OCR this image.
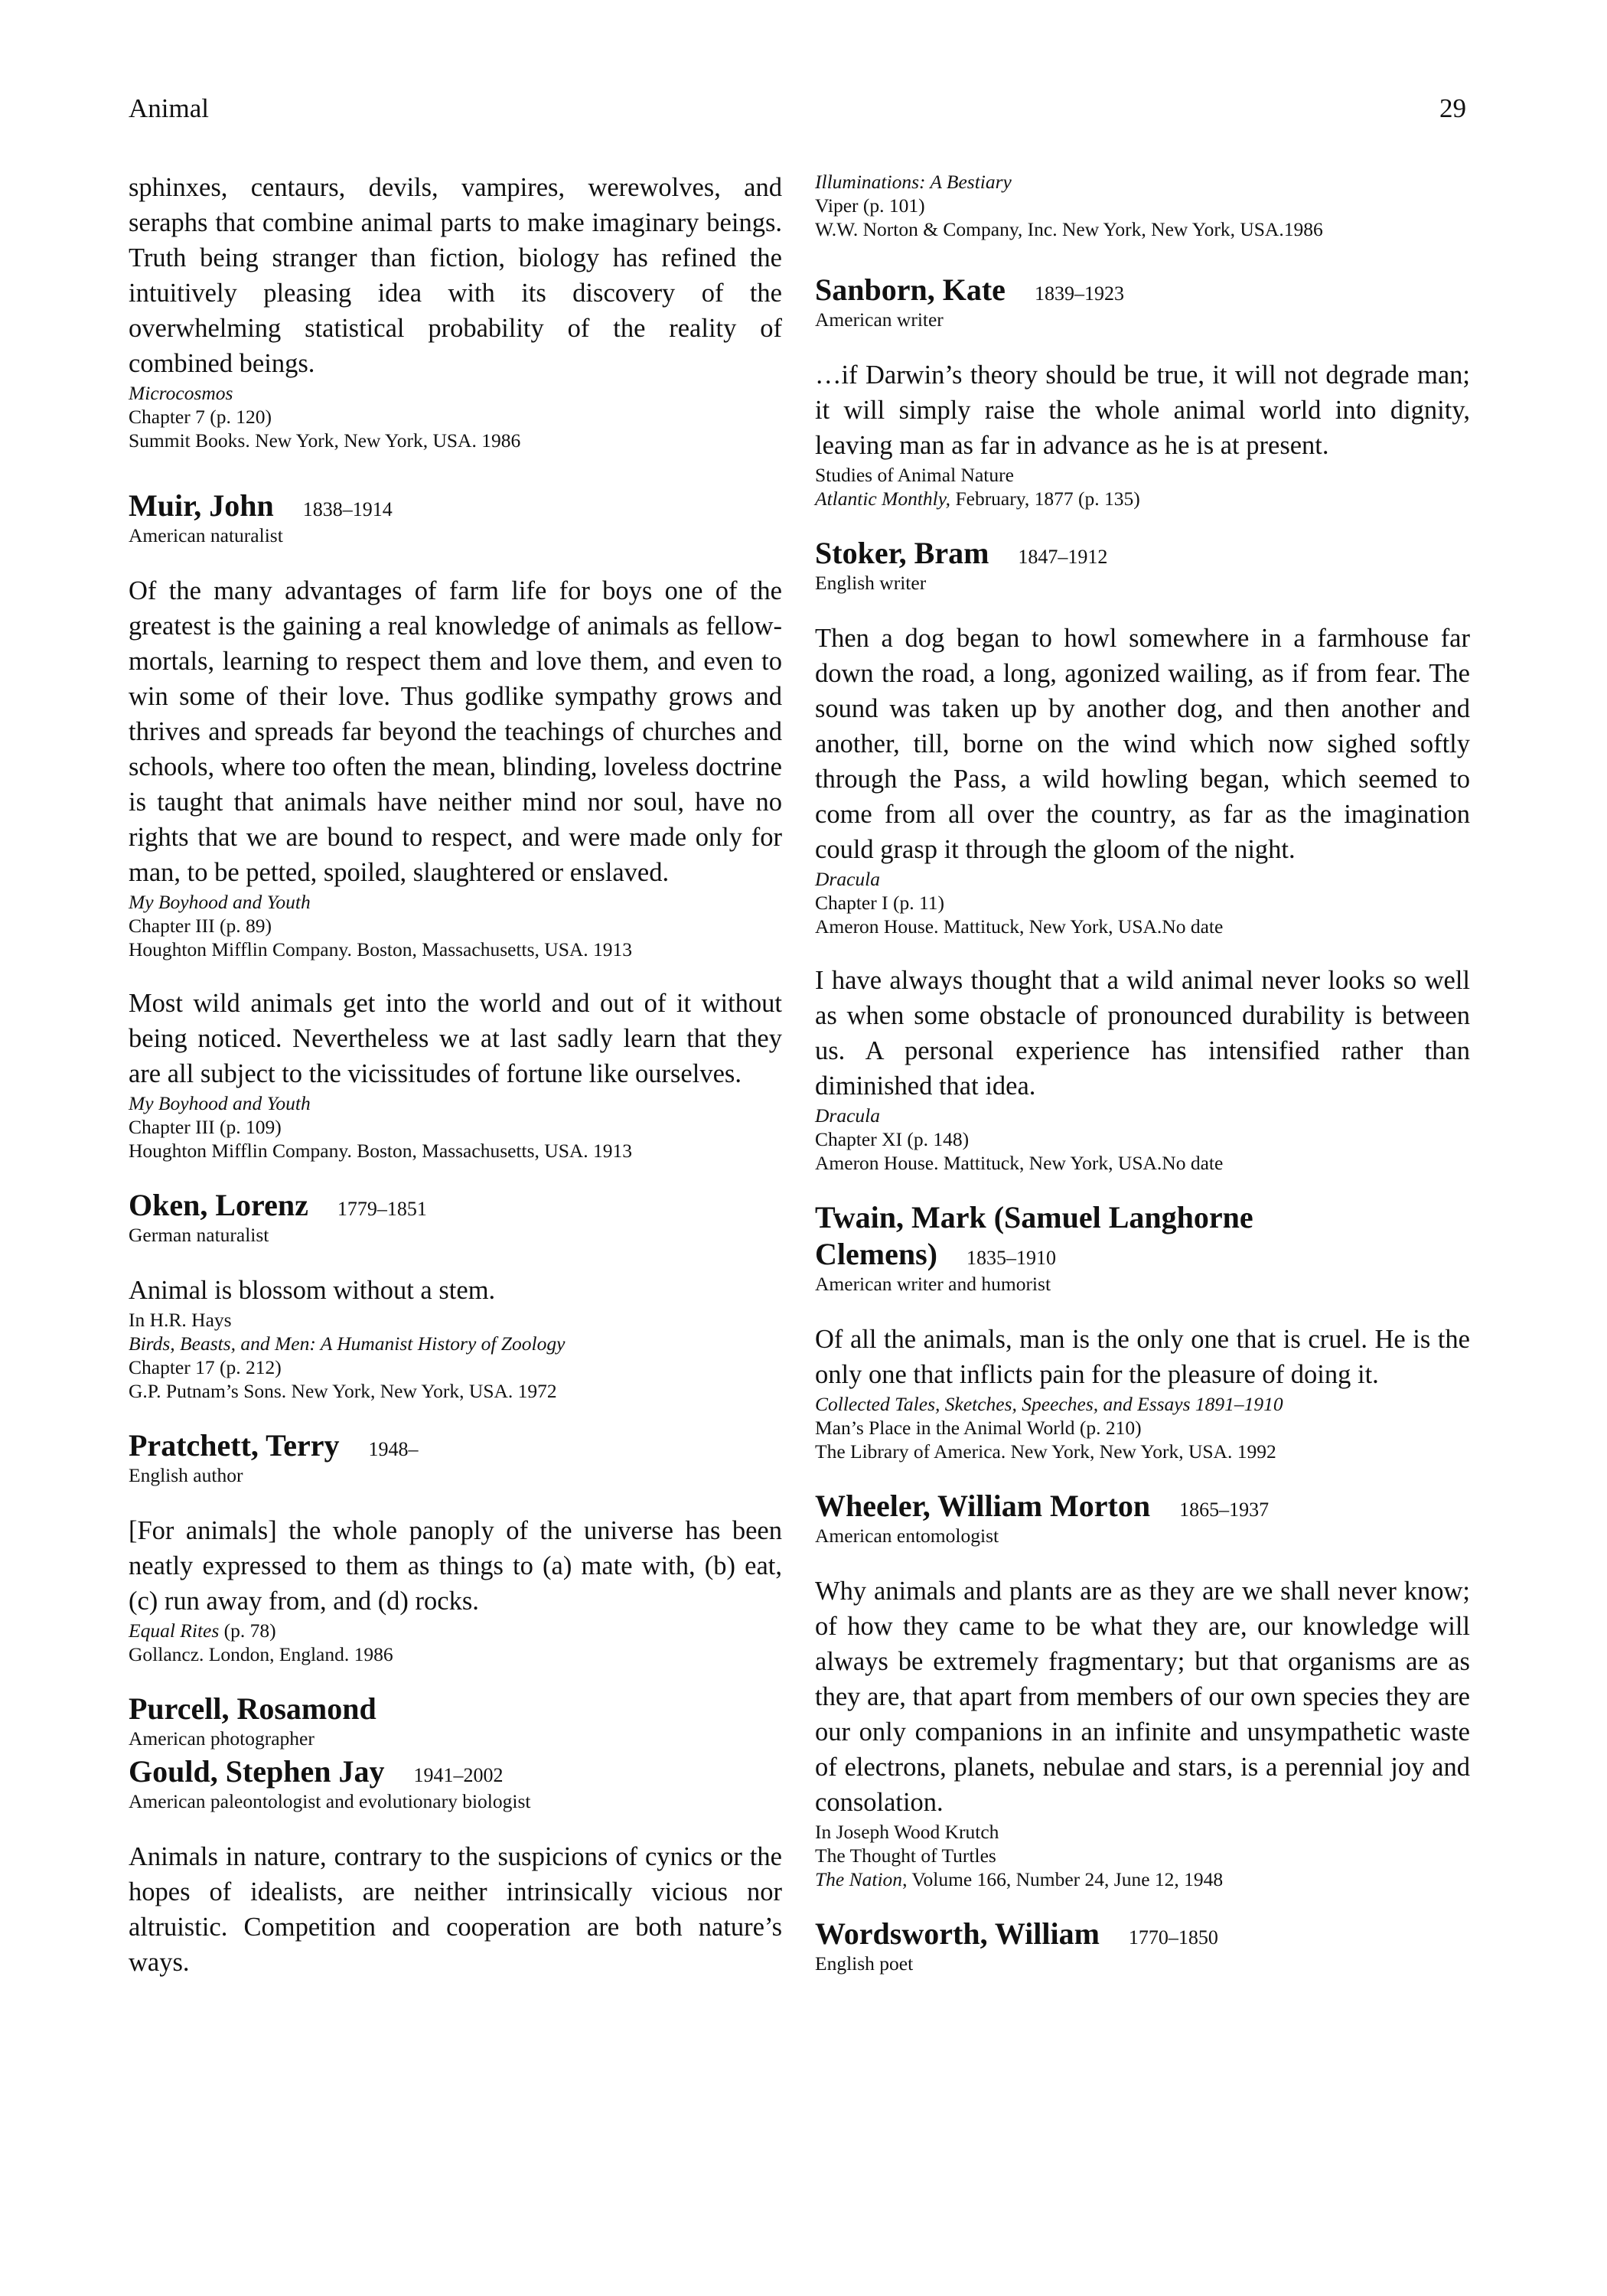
Animal	29

sphinxes, centaurs, devils, vampires, werewolves, and seraphs that combine animal parts to make imaginary beings. Truth being stranger than fiction, biology has refined the intuitively pleasing idea with its discovery of the overwhelming statistical probability of the reality of combined beings.

Microcosmos

Chapter 7 (p. 120)

Summit Books. New York, New York, USA. 1986

Muir, John 1838–1914

American naturalist

Of the many advantages of farm life for boys one of the greatest is the gaining a real knowledge of animals as fellow-mortals, learning to respect them and love them, and even to win some of their love. Thus godlike sympathy grows and thrives and spreads far beyond the teachings of churches and schools, where too often the mean, blinding, loveless doctrine is taught that animals have neither mind nor soul, have no rights that we are bound to respect, and were made only for man, to be petted, spoiled, slaughtered or enslaved.

My Boyhood and Youth

Chapter III (p. 89)

Houghton Mifflin Company. Boston, Massachusetts, USA. 1913

Most wild animals get into the world and out of it without being noticed. Nevertheless we at last sadly learn that they are all subject to the vicissitudes of fortune like ourselves.

My Boyhood and Youth

Chapter III (p. 109)

Houghton Mifflin Company. Boston, Massachusetts, USA. 1913

Oken, Lorenz 1779–1851

German naturalist

Animal is blossom without a stem.

In H.R. Hays

Birds, Beasts, and Men: A Humanist History of Zoology

Chapter 17 (p. 212)

G.P. Putnam’s Sons. New York, New York, USA. 1972

Pratchett, Terry 1948–

English author

[For animals] the whole panoply of the universe has been neatly expressed to them as things to (a) mate with, (b) eat, (c) run away from, and (d) rocks.

Equal Rites (p. 78)

Gollancz. London, England. 1986

Purcell, Rosamond

American photographer

Gould, Stephen Jay 1941–2002

American paleontologist and evolutionary biologist

Animals in nature, contrary to the suspicions of cynics or the hopes of idealists, are neither intrinsically vicious nor altruistic. Competition and cooperation are both nature’s ways.

Illuminations: A Bestiary

Viper (p. 101)

W.W. Norton & Company, Inc. New York, New York, USA.1986

Sanborn, Kate 1839–1923

American writer

…if Darwin’s theory should be true, it will not degrade man; it will simply raise the whole animal world into dignity, leaving man as far in advance as he is at present.

Studies of Animal Nature

Atlantic Monthly, February, 1877 (p. 135)

Stoker, Bram 1847–1912

English writer

Then a dog began to howl somewhere in a farmhouse far down the road, a long, agonized wailing, as if from fear. The sound was taken up by another dog, and then another and another, till, borne on the wind which now sighed softly through the Pass, a wild howling began, which seemed to come from all over the country, as far as the imagination could grasp it through the gloom of the night.

Dracula

Chapter I (p. 11)

Ameron House. Mattituck, New York, USA.No date

I have always thought that a wild animal never looks so well as when some obstacle of pronounced durability is between us. A personal experience has intensified rather than diminished that idea.

Dracula

Chapter XI (p. 148)

Ameron House. Mattituck, New York, USA.No date

Twain, Mark (Samuel Langhorne

Clemens) 1835–1910

American writer and humorist

Of all the animals, man is the only one that is cruel. He is the only one that inflicts pain for the pleasure of doing it.

Collected Tales, Sketches, Speeches, and Essays 1891–1910

Man’s Place in the Animal World (p. 210)

The Library of America. New York, New York, USA. 1992

Wheeler, William Morton 1865–1937

American entomologist

Why animals and plants are as they are we shall never know; of how they came to be what they are, our knowledge will always be extremely fragmentary; but that organisms are as they are, that apart from members of our own species they are our only companions in an infinite and unsympathetic waste of electrons, planets, nebulae and stars, is a perennial joy and consolation.

In Joseph Wood Krutch

The Thought of Turtles

The Nation, Volume 166, Number 24, June 12, 1948

Wordsworth, William 1770–1850

English poet
